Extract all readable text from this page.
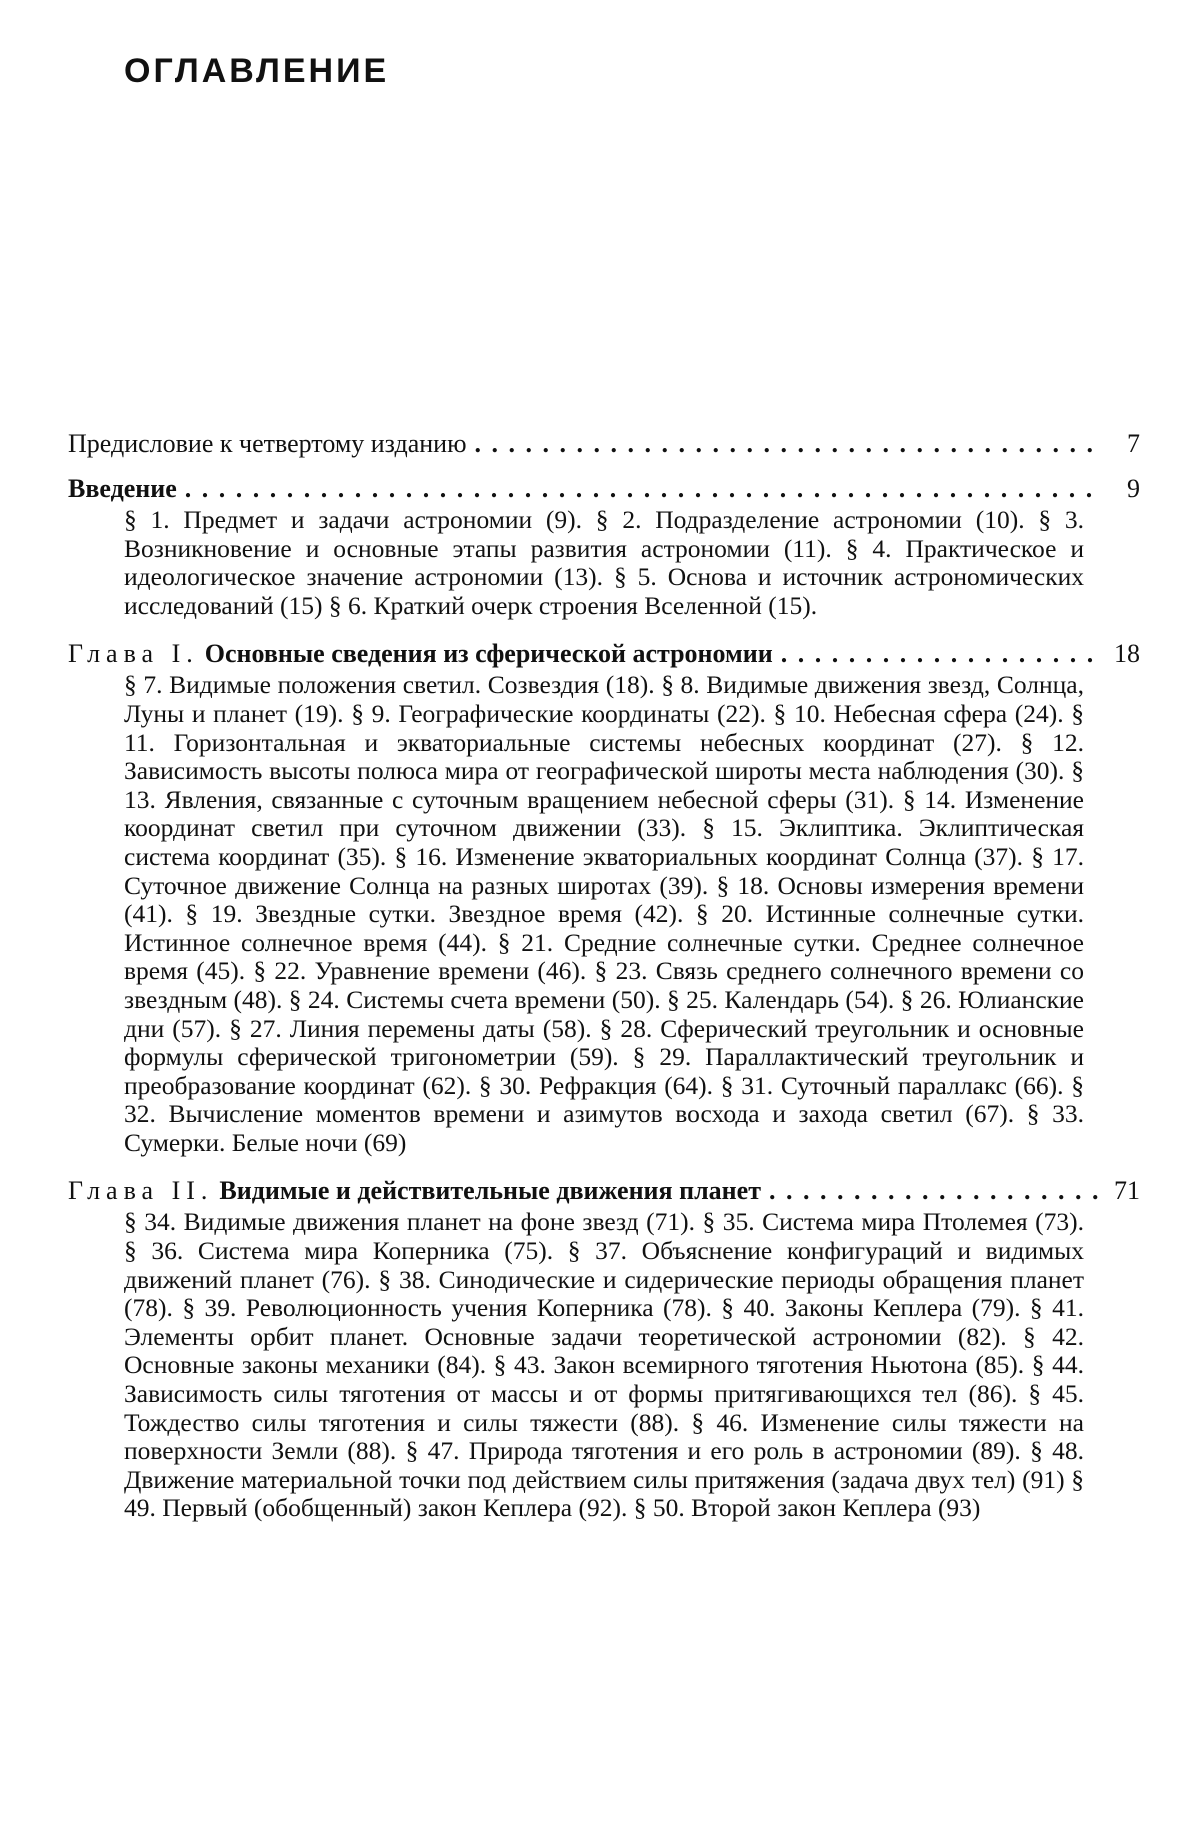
ОГЛАВЛЕНИЕ
Предисловие к четвертому изданию . . .	7
Введение . . .	9
§ 1. Предмет и задачи астрономии (9). § 2. Подразделение астрономии (10). § 3. Возникновение и основные этапы развития астрономии (11). § 4. Практическое и идеологическое значение астрономии (13). § 5. Основа и источник астрономических исследований (15) § 6. Краткий очерк строения Вселенной (15).
Глава I. Основные сведения из сферической астрономии . . .	18
§ 7. Видимые положения светил. Созвездия (18). § 8. Видимые движения звезд, Солнца, Луны и планет (19). § 9. Географические координаты (22). § 10. Небесная сфера (24). § 11. Горизонтальная и экваториальные системы небесных координат (27). § 12. Зависимость высоты полюса мира от географической широты места наблюдения (30). § 13. Явления, связанные с суточным вращением небесной сферы (31). § 14. Изменение координат светил при суточном движении (33). § 15. Эклиптика. Эклиптическая система координат (35). § 16. Изменение экваториальных координат Солнца (37). § 17. Суточное движение Солнца на разных широтах (39). § 18. Основы измерения времени (41). § 19. Звездные сутки. Звездное время (42). § 20. Истинные солнечные сутки. Истинное солнечное время (44). § 21. Средние солнечные сутки. Среднее солнечное время (45). § 22. Уравнение времени (46). § 23. Связь среднего солнечного времени со звездным (48). § 24. Системы счета времени (50). § 25. Календарь (54). § 26. Юлианские дни (57). § 27. Линия перемены даты (58). § 28. Сферический треугольник и основные формулы сферической тригонометрии (59). § 29. Параллактический треугольник и преобразование координат (62). § 30. Рефракция (64). § 31. Суточный параллакс (66). § 32. Вычисление моментов времени и азимутов восхода и захода светил (67). § 33. Сумерки. Белые ночи (69)
Глава II. Видимые и действительные движения планет . . .	71
§ 34. Видимые движения планет на фоне звезд (71). § 35. Система мира Птолемея (73). § 36. Система мира Коперника (75). § 37. Объяснение конфигураций и видимых движений планет (76). § 38. Синодические и сидерические периоды обращения планет (78). § 39. Революционность учения Коперника (78). § 40. Законы Кеплера (79). § 41. Элементы орбит планет. Основные задачи теоретической астрономии (82). § 42. Основные законы механики (84). § 43. Закон всемирного тяготения Ньютона (85). § 44. Зависимость силы тяготения от массы и от формы притягивающихся тел (86). § 45. Тождество силы тяготения и силы тяжести (88). § 46. Изменение силы тяжести на поверхности Земли (88). § 47. Природа тяготения и его роль в астрономии (89). § 48. Движение материальной точки под действием силы притяжения (задача двух тел) (91) § 49. Первый (обобщенный) закон Кеплера (92). § 50. Второй закон Кеплера (93)
